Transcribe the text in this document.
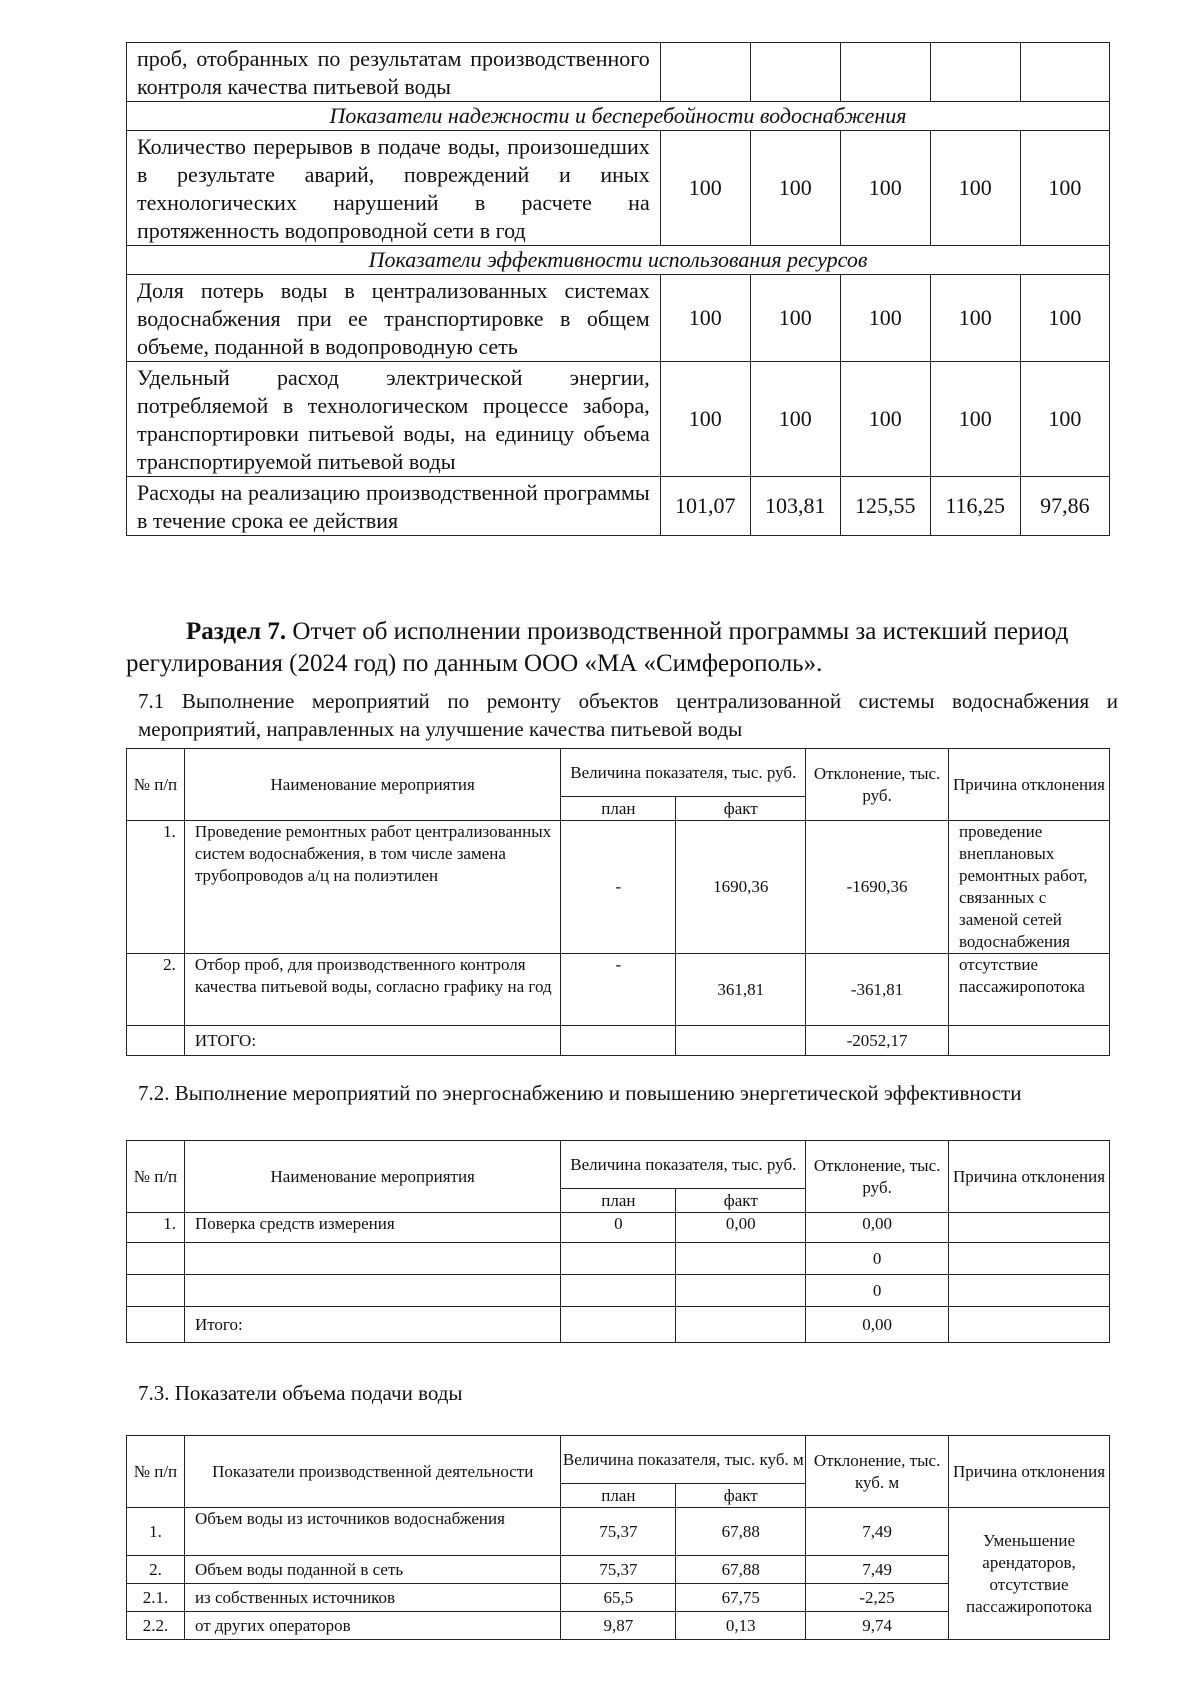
проб, отобранных по результатам производственного контроля качества питьевой воды					
Показатели надежности и бесперебойности водоснабжения					
Количество перерывов в подаче воды, произошедших в результате аварий, повреждений и иных технологических нарушений в расчете на протяженность водопроводной сети в год	100	100	100	100	100
Показатели эффективности использования ресурсов					
Доля потерь воды в централизованных системах водоснабжения при ее транспортировке в общем объеме, поданной в водопроводную сеть	100	100	100	100	100
Удельный расход электрической энергии, потребляемой в технологическом процессе забора, транспортировки питьевой воды, на единицу объема транспортируемой питьевой воды	100	100	100	100	100
Расходы на реализацию производственной программы в течение срока ее действия	101,07	103,81	125,55	116,25	97,86
Раздел 7. Отчет об исполнении производственной программы за истекший период регулирования (2024 год) по данным ООО «МА «Симферополь».
7.1 Выполнение мероприятий по ремонту объектов централизованной системы водоснабжения и мероприятий, направленных на улучшение качества питьевой воды
№ п/п	Наименование мероприятия	Величина показателя, тыс. руб.		Отклонение, тыс. руб.	Причина отклонения
		план	факт		
1.	Проведение ремонтных работ централизованных систем водоснабжения, в том числе замена трубопроводов а/ц на полиэтилен	-	1690,36	-1690,36	проведение внеплановых ремонтных работ, связанных с заменой сетей водоснабжения
2.	Отбор проб, для производственного контроля качества питьевой воды, согласно графику на год	-	361,81	-361,81	отсутствие пассажиропотока
	ИТОГО:			-2052,17	
7.2. Выполнение мероприятий по энергоснабжению и повышению энергетической эффективности
№ п/п	Наименование мероприятия	Величина показателя, тыс. руб.		Отклонение, тыс. руб.	Причина отклонения
		план	факт		
1.	Поверка средств измерения	0	0,00	0,00	
				0	
				0	
	Итого:			0,00	
7.3. Показатели объема подачи воды
№ п/п	Показатели производственной деятельности	Величина показателя, тыс. куб. м		Отклонение, тыс. куб. м	Причина отклонения
		план	факт		
1.	Объем воды из источников водоснабжения	75,37	67,88	7,49	Уменьшение арендаторов, отсутствие пассажиропотока
2.	Объем воды поданной в сеть	75,37	67,88	7,49	
2.1.	из собственных источников	65,5	67,75	-2,25	
2.2.	от других операторов	9,87	0,13	9,74	
